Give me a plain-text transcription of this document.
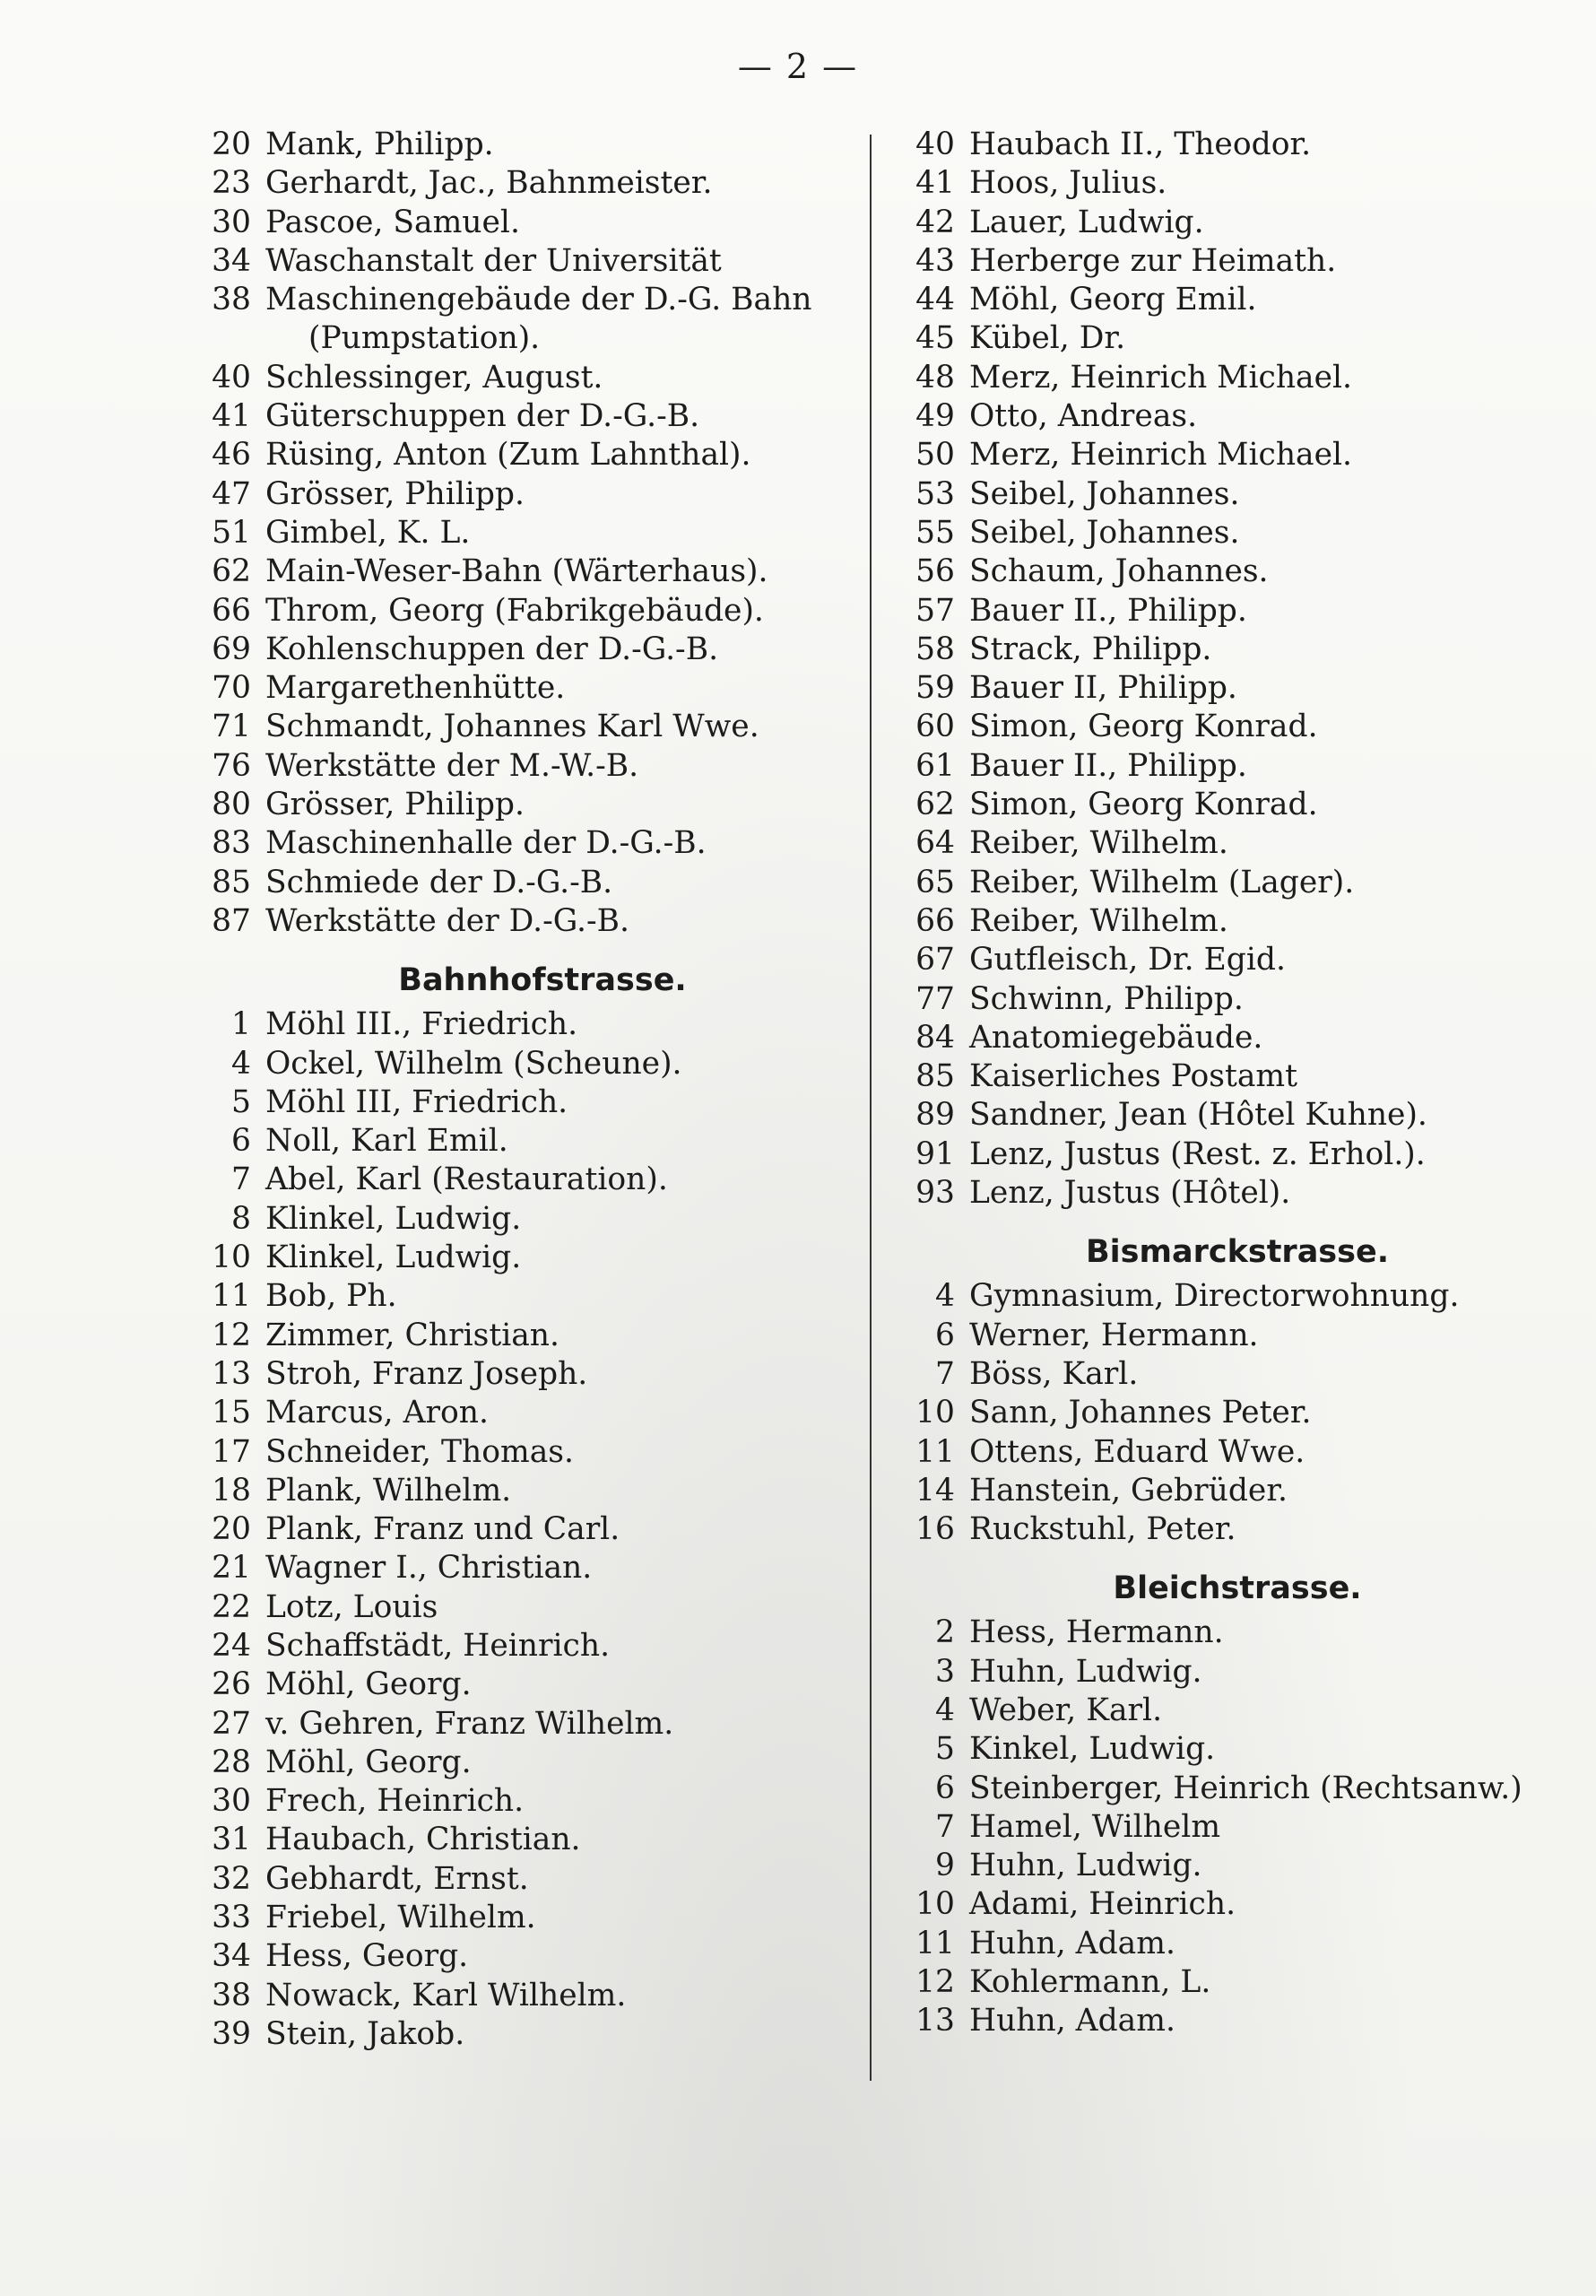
— 2 —
20 Mank, Philipp.
23 Gerhardt, Jac., Bahnmeister.
30 Pascoe, Samuel.
34 Waschanstalt der Universität
38 Maschinengebäude der D.-G. Bahn
(Pumpstation).
40 Schlessinger, August.
41 Güterschuppen der D.-G.-B.
46 Rüsing, Anton (Zum Lahnthal).
47 Grösser, Philipp.
51 Gimbel, K. L.
62 Main-Weser-Bahn (Wärterhaus).
66 Throm, Georg (Fabrikgebäude).
69 Kohlenschuppen der D.-G.-B.
70 Margarethenhütte.
71 Schmandt, Johannes Karl Wwe.
76 Werkstätte der M.-W.-B.
80 Grösser, Philipp.
83 Maschinenhalle der D.-G.-B.
85 Schmiede der D.-G.-B.
87 Werkstätte der D.-G.-B.
Bahnhofstrasse.
1 Möhl III., Friedrich.
4 Ockel, Wilhelm (Scheune).
5 Möhl III, Friedrich.
6 Noll, Karl Emil.
7 Abel, Karl (Restauration).
8 Klinkel, Ludwig.
10 Klinkel, Ludwig.
11 Bob, Ph.
12 Zimmer, Christian.
13 Stroh, Franz Joseph.
15 Marcus, Aron.
17 Schneider, Thomas.
18 Plank, Wilhelm.
20 Plank, Franz und Carl.
21 Wagner I., Christian.
22 Lotz, Louis
24 Schaffstädt, Heinrich.
26 Möhl, Georg.
27 v. Gehren, Franz Wilhelm.
28 Möhl, Georg.
30 Frech, Heinrich.
31 Haubach, Christian.
32 Gebhardt, Ernst.
33 Friebel, Wilhelm.
34 Hess, Georg.
38 Nowack, Karl Wilhelm.
39 Stein, Jakob.
40 Haubach II., Theodor.
41 Hoos, Julius.
42 Lauer, Ludwig.
43 Herberge zur Heimath.
44 Möhl, Georg Emil.
45 Kübel, Dr.
48 Merz, Heinrich Michael.
49 Otto, Andreas.
50 Merz, Heinrich Michael.
53 Seibel, Johannes.
55 Seibel, Johannes.
56 Schaum, Johannes.
57 Bauer II., Philipp.
58 Strack, Philipp.
59 Bauer II, Philipp.
60 Simon, Georg Konrad.
61 Bauer II., Philipp.
62 Simon, Georg Konrad.
64 Reiber, Wilhelm.
65 Reiber, Wilhelm (Lager).
66 Reiber, Wilhelm.
67 Gutfleisch, Dr. Egid.
77 Schwinn, Philipp.
84 Anatomiegebäude.
85 Kaiserliches Postamt
89 Sandner, Jean (Hôtel Kuhne).
91 Lenz, Justus (Rest. z. Erhol.).
93 Lenz, Justus (Hôtel).
Bismarckstrasse.
4 Gymnasium, Directorwohnung.
6 Werner, Hermann.
7 Böss, Karl.
10 Sann, Johannes Peter.
11 Ottens, Eduard Wwe.
14 Hanstein, Gebrüder.
16 Ruckstuhl, Peter.
Bleichstrasse.
2 Hess, Hermann.
3 Huhn, Ludwig.
4 Weber, Karl.
5 Kinkel, Ludwig.
6 Steinberger, Heinrich (Rechtsanw.)
7 Hamel, Wilhelm
9 Huhn, Ludwig.
10 Adami, Heinrich.
11 Huhn, Adam.
12 Kohlermann, L.
13 Huhn, Adam.
